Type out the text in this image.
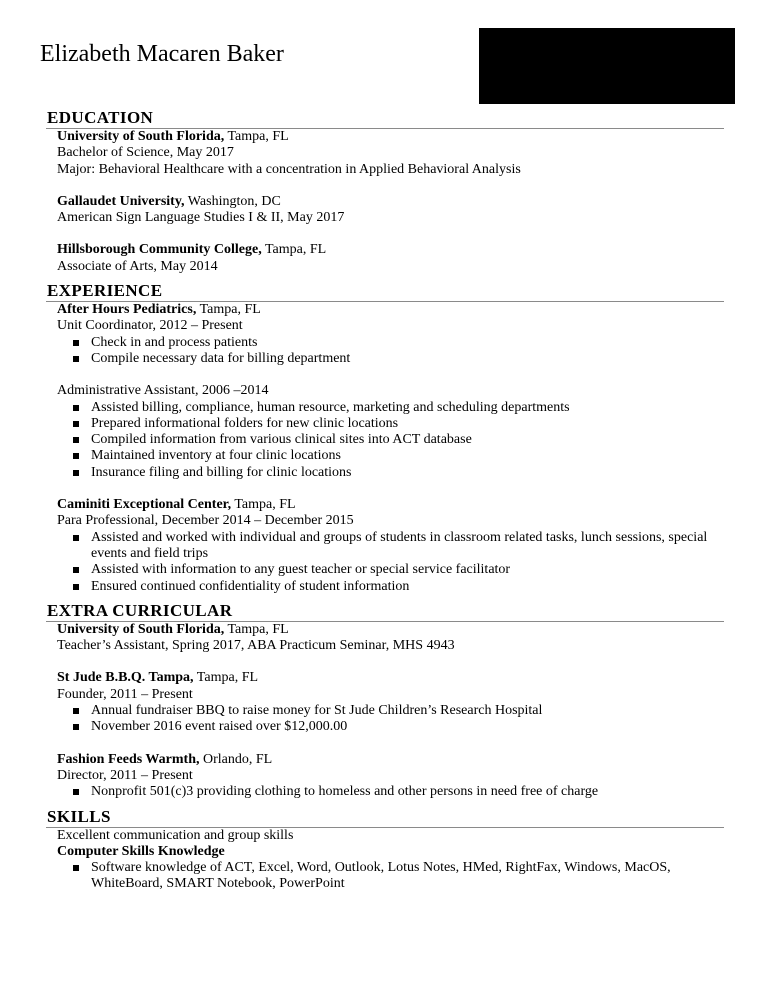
Elizabeth Macaren Baker
EDUCATION
University of South Florida, Tampa, FL
Bachelor of Science, May 2017
Major: Behavioral Healthcare with a concentration in Applied Behavioral Analysis
Gallaudet University, Washington, DC
American Sign Language Studies I & II, May 2017
Hillsborough Community College, Tampa, FL
Associate of Arts, May 2014
EXPERIENCE
After Hours Pediatrics, Tampa, FL
Unit Coordinator, 2012 – Present
Check in and process patients
Compile necessary data for billing department
Administrative Assistant, 2006 –2014
Assisted billing, compliance, human resource, marketing and scheduling departments
Prepared informational folders for new clinic locations
Compiled information from various clinical sites into ACT database
Maintained inventory at four clinic locations
Insurance filing and billing for clinic locations
Caminiti Exceptional Center, Tampa, FL
Para Professional, December 2014 – December 2015
Assisted and worked with individual and groups of students in classroom related tasks, lunch sessions, special events and field trips
Assisted with information to any guest teacher or special service facilitator
Ensured continued confidentiality of student information
EXTRA CURRICULAR
University of South Florida, Tampa, FL
Teacher’s Assistant, Spring 2017, ABA Practicum Seminar, MHS 4943
St Jude B.B.Q. Tampa, Tampa, FL
Founder, 2011 – Present
Annual fundraiser BBQ to raise money for St Jude Children’s Research Hospital
November 2016 event raised over $12,000.00
Fashion Feeds Warmth, Orlando, FL
Director, 2011 – Present
Nonprofit 501(c)3 providing clothing to homeless and other persons in need free of charge
SKILLS
Excellent communication and group skills
Computer Skills Knowledge
Software knowledge of ACT, Excel, Word, Outlook, Lotus Notes, HMed, RightFax, Windows, MacOS, WhiteBoard, SMART Notebook, PowerPoint
